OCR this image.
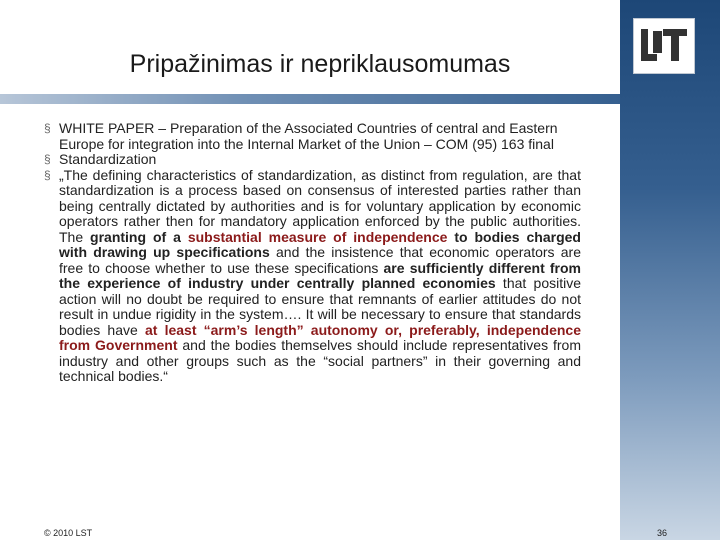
Pripažinimas ir nepriklausomumas
§ WHITE PAPER – Preparation of the Associated Countries of central and Eastern Europe for integration into the Internal Market of the Union – COM (95) 163 final
§ Standardization
§ „The defining characteristics of standardization, as distinct from regulation, are that standardization is a process based on consensus of interested parties rather than being centrally dictated by authorities and is for voluntary application by economic operators rather then for mandatory application enforced by the public authorities. The granting of a substantial measure of independence to bodies charged with drawing up specifications and the insistence that economic operators are free to choose whether to use these specifications are sufficiently different from the experience of industry under centrally planned economies that positive action will no doubt be required to ensure that remnants of earlier attitudes do not result in undue rigidity in the system…. It will be necessary to ensure that standards bodies have at least “arm’s length” autonomy or, preferably, independence from Government and the bodies themselves should include representatives from industry and other groups such as the “social partners” in their governing and technical bodies.“
© 2010 LST	36
